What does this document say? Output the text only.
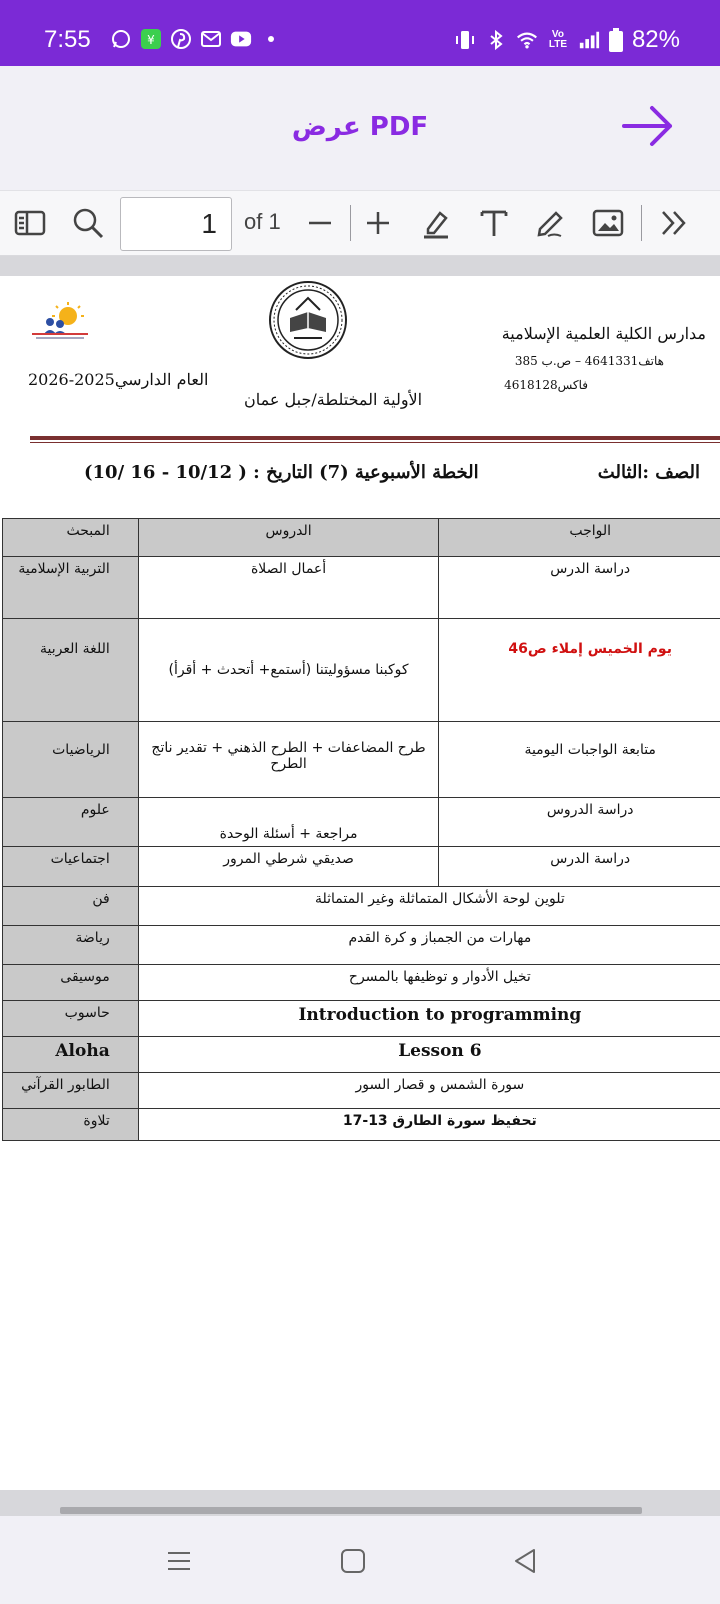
7:55	¥	Vo LTE	82%
عرض PDF
1	of 1
مدارس الكلية العلمية الإسلامية
هاتف4641331 – ص.ب 385
فاكس4618128
الأولية المختلطة/جبل عمان
العام الدارسي2025-2026
الصف :الثالث
(10/ 16 - 10/12 ) : الخطة الأسبوعية (7) التاريخ
المبحث	الدروس	الواجب
التربية الإسلامية	أعمال الصلاة	دراسة الدرس
اللغة العربية	كوكبنا مسؤوليتنا (أستمع+ أتحدث + أقرأ)	يوم الخميس إملاء ص46
الرياضيات	طرح المضاعفات + الطرح الذهني + تقدير ناتج الطرح	متابعة الواجبات اليومية
علوم	مراجعة + أسئلة الوحدة	دراسة الدروس
اجتماعيات	صديقي شرطي المرور	دراسة الدرس
فن	تلوين لوحة الأشكال المتماثلة وغير المتماثلة	
رياضة	مهارات من الجمباز و كرة القدم	
موسيقى	تخيل الأدوار و توظيفها بالمسرح	
حاسوب	Introduction to programming	
Aloha	Lesson 6	
الطابور القرآني	سورة الشمس و قصار السور	
تلاوة	تحفيظ سورة الطارق 13-17	
